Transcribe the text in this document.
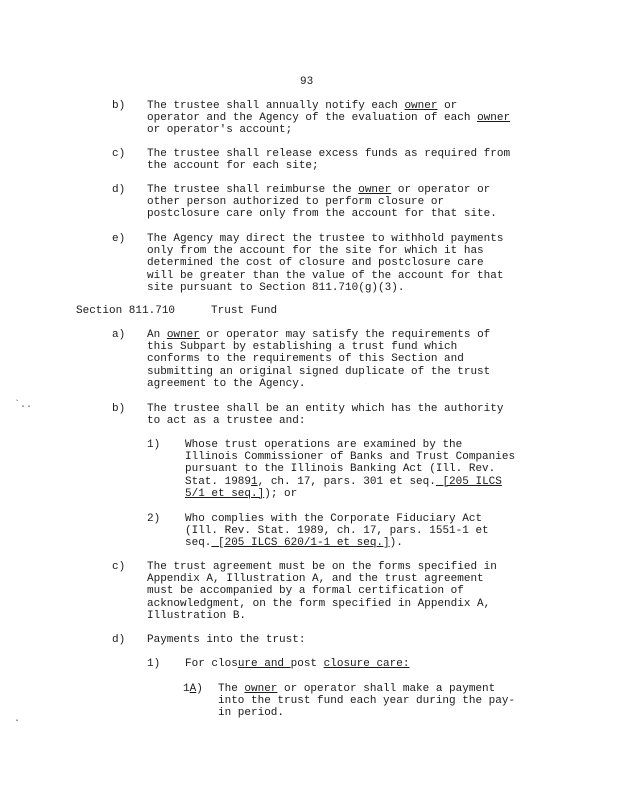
93
Section 811.710	Trust Fund
b) The trustee shall annually notify each owner or
operator and the Agency of the evaluation of each owner
or operator's account;
c) The trustee shall release excess funds as required from
the account for each site;
d) The trustee shall reimburse the owner or operator or
other person authorized to perform closure or
postclosure care only from the account for that site.
e) The Agency may direct the trustee to withhold payments
only from the account for the site for which it has
determined the cost of closure and postclosure care
will be greater than the value of the account for that
site pursuant to Section 811.710(g)(3).
a) An owner or operator may satisfy the requirements of
this Subpart by establishing a trust fund which
conforms to the requirements of this Section and
submitting an original signed duplicate of the trust
agreement to the Agency.
b) The trustee shall be an entity which has the authority
to act as a trustee and:
1) Whose trust operations are examined by the
Illinois Commissioner of Banks and Trust Companies
pursuant to the Illinois Banking Act (Ill. Rev.
Stat. 19891, ch. 17, pars. 301 et seq. [205 ILCS
5/1 et seq.]); or
2) Who complies with the Corporate Fiduciary Act
(Ill. Rev. Stat. 1989, ch. 17, pars. 1551-1 et
seq. [205 ILCS 620/1-1 et seq.]).
c) The trust agreement must be on the forms specified in
Appendix A, Illustration A, and the trust agreement
must be accompanied by a formal certification of
acknowledgment, on the form specified in Appendix A,
Illustration B.
d) Payments into the trust:
1) For closure and post closure care:
1A) The owner or operator shall make a payment
into the trust fund each year during the pay-
in period.
`..
.
